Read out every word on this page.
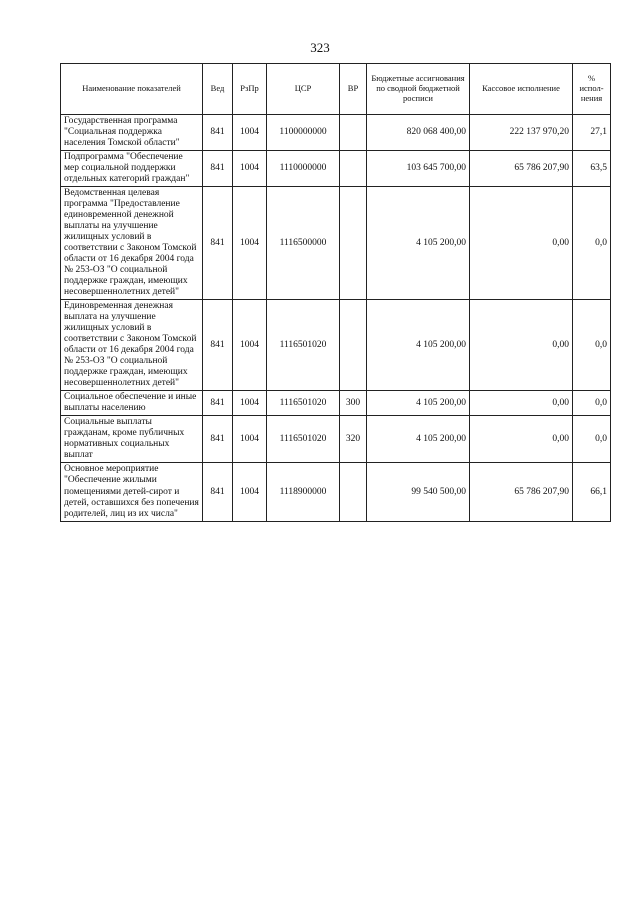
323
Наименование показателей	Вед	РзПр	ЦСР	ВР	Бюджетные ассигнования по сводной бюджетной росписи	Кассовое исполнение	% испол-нения
Государственная программа "Социальная поддержка населения Томской области"	841	1004	1100000000		820 068 400,00	222 137 970,20	27,1
Подпрограмма "Обеспечение мер социальной поддержки отдельных категорий граждан"	841	1004	1110000000		103 645 700,00	65 786 207,90	63,5
Ведомственная целевая программа "Предоставление единовременной денежной выплаты на улучшение жилищных условий в соответствии с Законом Томской области от 16 декабря 2004 года № 253-ОЗ "О социальной поддержке граждан, имеющих несовершеннолетних детей"	841	1004	1116500000		4 105 200,00	0,00	0,0
Единовременная денежная выплата на улучшение жилищных условий в соответствии с Законом Томской области от 16 декабря 2004 года № 253-ОЗ "О социальной поддержке граждан, имеющих несовершеннолетних детей"	841	1004	1116501020		4 105 200,00	0,00	0,0
Социальное обеспечение и иные выплаты населению	841	1004	1116501020	300	4 105 200,00	0,00	0,0
Социальные выплаты гражданам, кроме публичных нормативных социальных выплат	841	1004	1116501020	320	4 105 200,00	0,00	0,0
Основное мероприятие "Обеспечение жилыми помещениями детей-сирот и детей, оставшихся без попечения родителей, лиц из их числа"	841	1004	1118900000		99 540 500,00	65 786 207,90	66,1
